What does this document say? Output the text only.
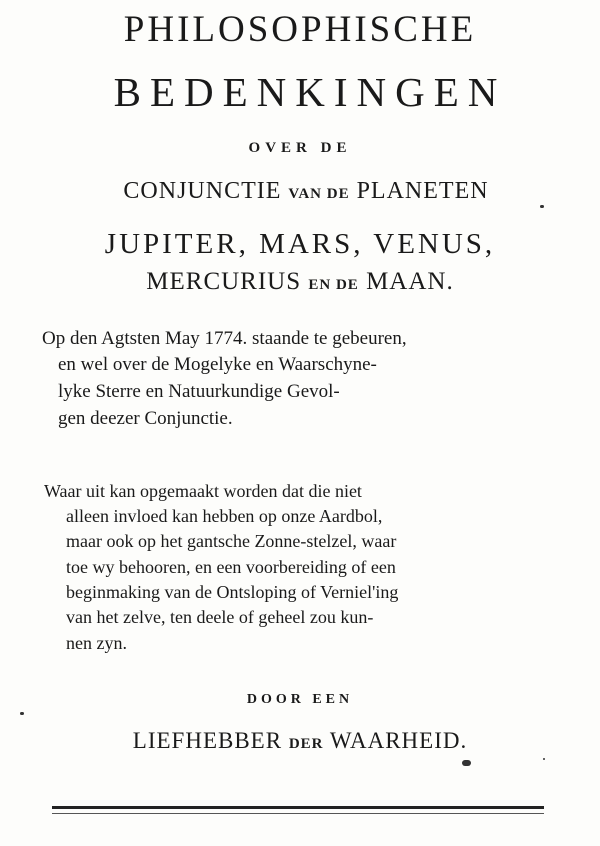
PHILOSOPHISCHE
BEDENKINGEN
OVER DE
CONJUNCTIE VAN DE PLANETEN
JUPITER, MARS, VENUS,
MERCURIUS EN DE MAAN.
Op den Agtsten May 1774. staande te gebeuren,
en wel over de Mogelyke en Waarschyne-
lyke Sterre en Natuurkundige Gevol-
gen deezer Conjunctie.
Waar uit kan opgemaakt worden dat die niet
alleen invloed kan hebben op onze Aardbol,
maar ook op het gantsche Zonne-stelzel, waar
toe wy behooren, en een voorbereiding of een
beginmaking van de Ontsloping of Verniel'ing
van het zelve, ten deele of geheel zou kun-
nen zyn.
DOOR EEN
LIEFHEBBER DER WAARHEID.
